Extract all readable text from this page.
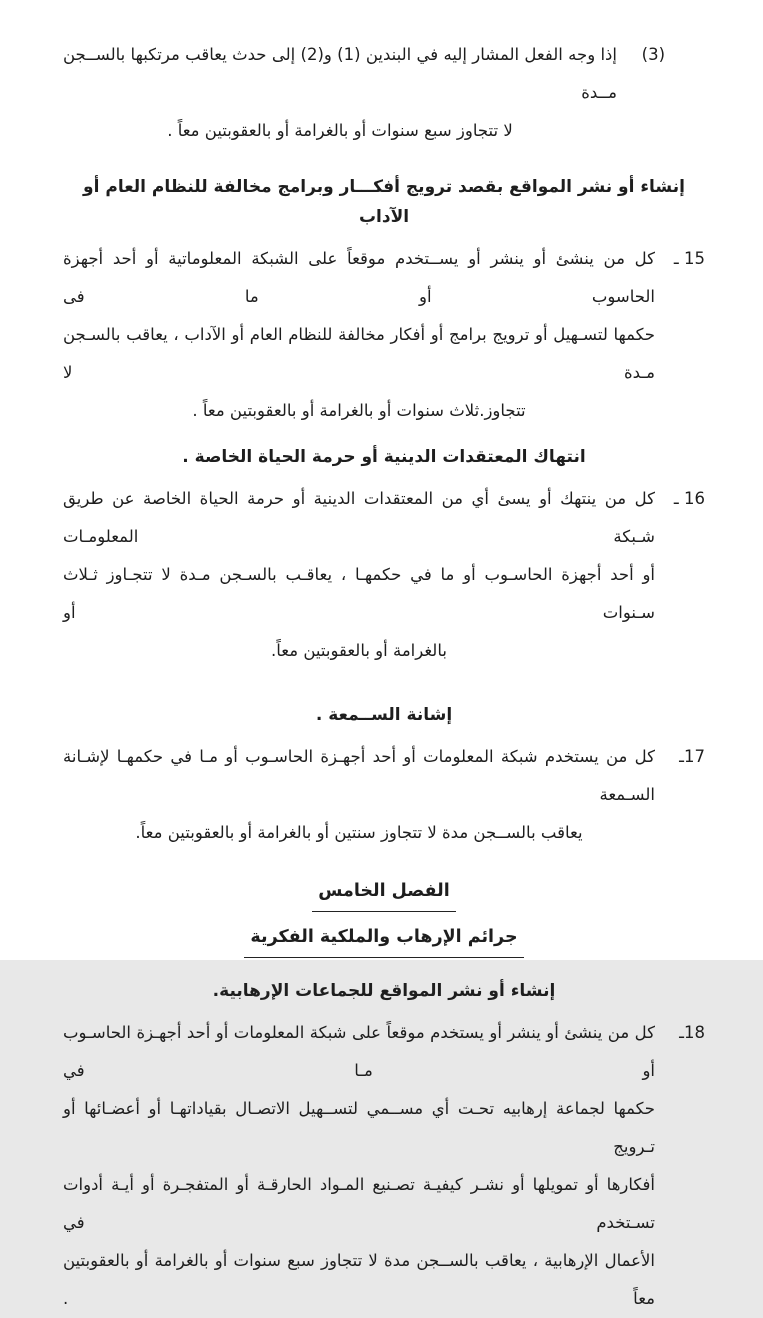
(3)
إذا وجه الفعل المشار إليه في البندين (1) و(2) إلى حدث يعاقب مرتكبها بالســجن مــدة
لا تتجاوز سبع سنوات أو بالغرامة أو بالعقوبتين معاً .
إنشاء أو نشر المواقع بقصد ترويج أفكـــار وبرامج مخالفة للنظام العام أو الآداب
15 ـ
كل من ينشئ أو ينشر أو يســتخدم موقعاً على الشبكة المعلوماتية أو أحد أجهزة الحاسوب أو ما فى
حكمها لتسـهيل أو ترويج برامج أو أفكار مخالفة للنظام العام أو الآداب ، يعاقب بالسـجن مـدة لا
تتجاوز.ثلاث سنوات أو بالغرامة أو بالعقوبتين معاً .
انتهاك المعتقدات الدينية أو حرمة الحياة الخاصة .
16 ـ
كل من ينتهك أو يسئ أي من المعتقدات الدينية أو حرمة الحياة الخاصة عن طريق شـبكة المعلومـات
أو أحد أجهزة الحاسـوب أو ما في حكمهـا ، يعاقـب بالسـجن مـدة لا تتجـاوز ثـلاث سـنوات أو
بالغرامة أو بالعقوبتين معاً.
إشانة الســمعة .
17ـ
كل من يستخدم شبكة المعلومات أو أحد أجهـزة الحاسـوب أو مـا في حكمهـا لإشـانة السـمعة
يعاقب بالســجن مدة لا تتجاوز سنتين أو بالغرامة أو بالعقوبتين معاً.
الفصل الخامس
جرائم الإرهاب والملكية الفكرية
إنشاء أو نشر المواقع للجماعات الإرهابية.
18ـ
كل من ينشئ أو ينشر أو يستخدم موقعاً على شبكة المعلومات أو أحد أجهـزة الحاسـوب أو مـا في
حكمها لجماعة إرهابيه تحـت أي مســمي لتســهيل الاتصـال بقياداتهـا أو أعضـائها أو تـرويج
أفكارها أو تمويلها أو نشـر كيفيـة تصـنيع المـواد الحارقـة أو المتفجـرة أو أيـة أدوات تسـتخدم في
الأعمال الإرهابية ، يعاقب بالســجن مدة لا تتجاوز سبع سنوات أو بالغرامة أو بالعقوبتين معاً .
